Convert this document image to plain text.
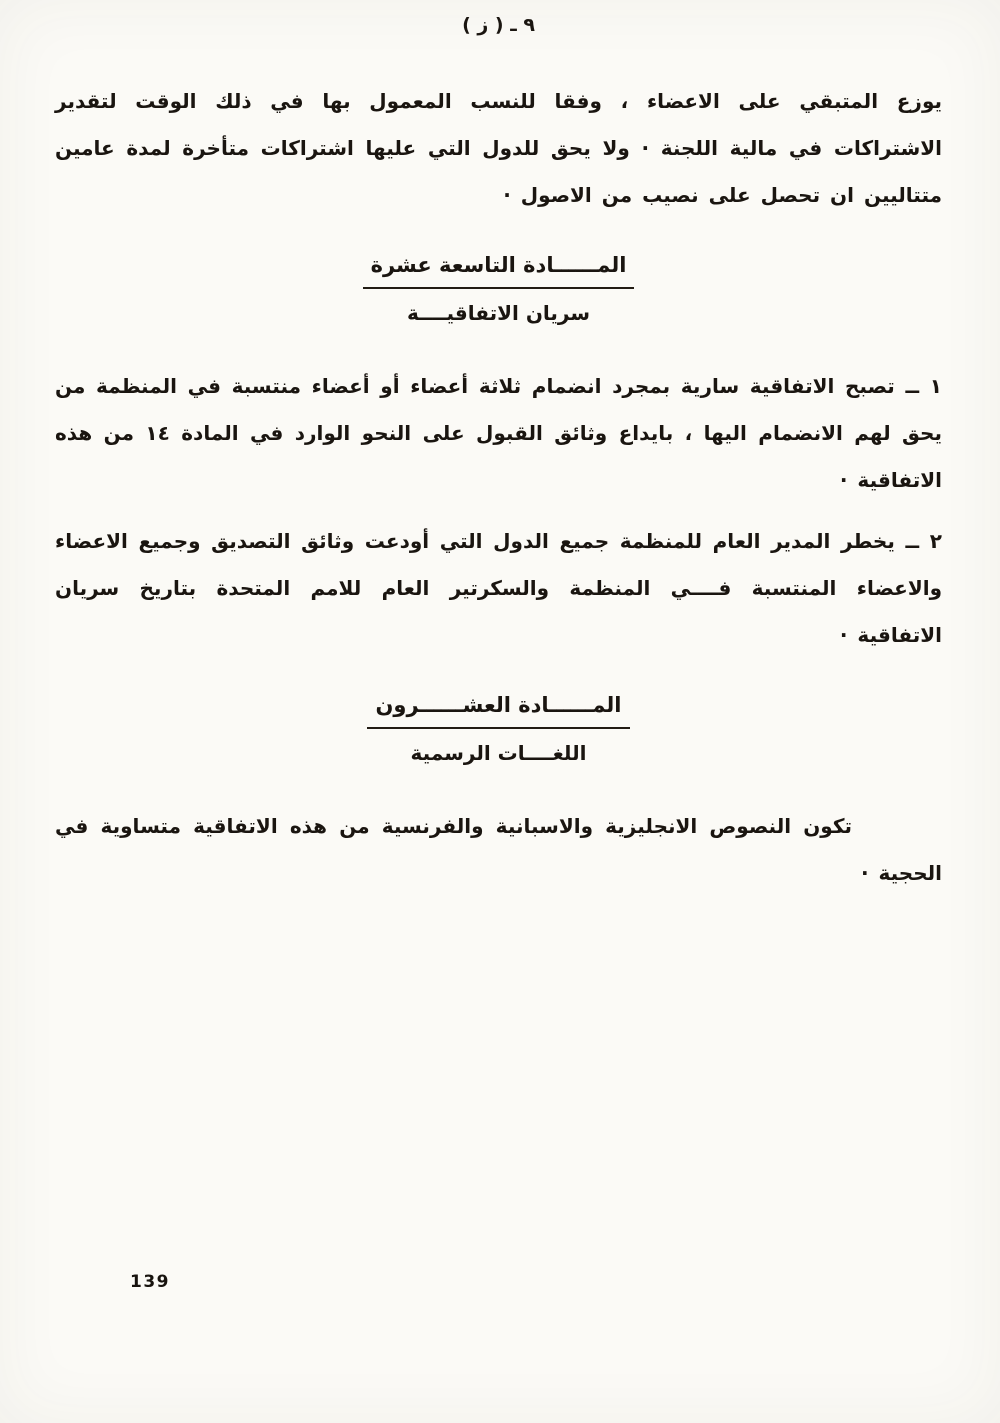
( ز ) ـ ٩

يوزع المتبقي على الاعضاء ، وفقا للنسب المعمول بها في ذلك الوقت لتقدير الاشتراكات في مالية اللجنة · ولا يحق للدول التي عليها اشتراكات متأخرة لمدة عامين متتاليين ان تحصل على نصيب من الاصول ·

المــــــادة التاسعة عشرة
سريان الاتفاقيــــة

١ ــ تصبح الاتفاقية سارية بمجرد انضمام ثلاثة أعضاء أو أعضاء منتسبة في المنظمة من يحق لهم الانضمام اليها ، بايداع وثائق القبول على النحو الوارد في المادة ١٤ من هذه الاتفاقية ·

٢ ــ يخطر المدير العام للمنظمة جميع الدول التي أودعت وثائق التصديق وجميع الاعضاء والاعضاء المنتسبة فــــي المنظمة والسكرتير العام للامم المتحدة بتاريخ سريان الاتفاقية ·

المــــــادة العشــــــرون
اللغــــات الرسمية

تكون النصوص الانجليزية والاسبانية والفرنسية من هذه الاتفاقية متساوية في الحجية ·

139
